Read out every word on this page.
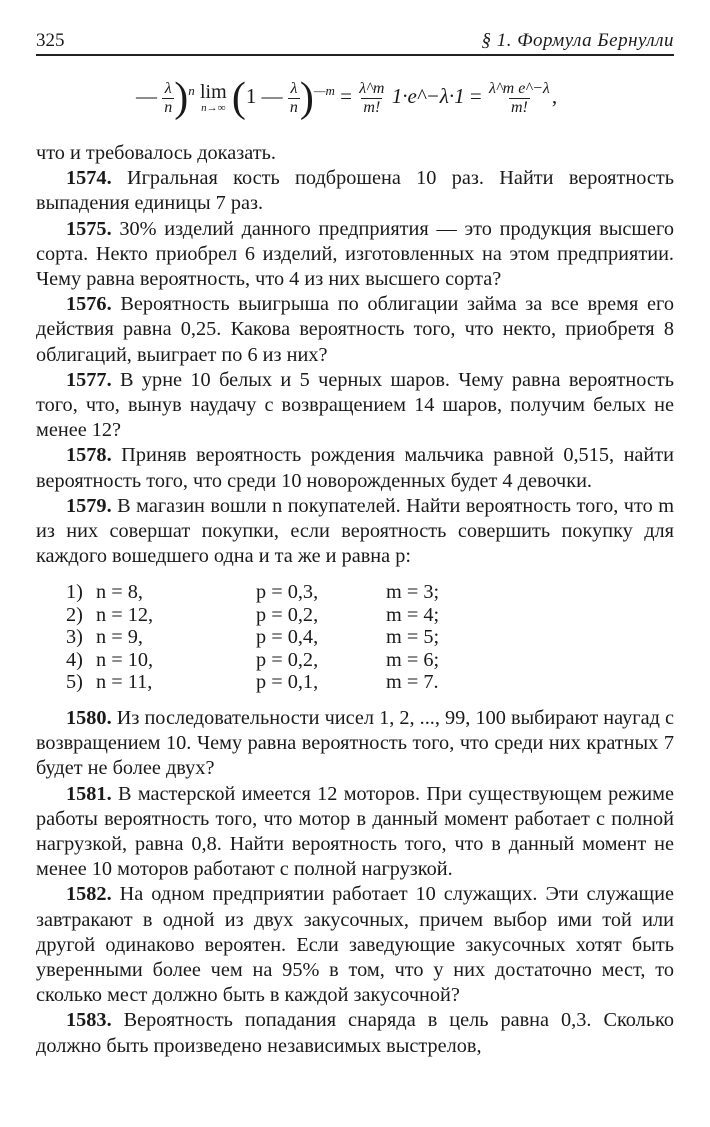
325	§ 1. Формула Бернулли
— $\frac{\lambda}{n} )^n$ lim
n→∞ (1 — $\frac{\lambda}{n} )^{—m} = \frac{\lambda\^{}m}{m!}$ 1·e^−λ·1 = $\frac{\text{λ\textasciicircum{}m e\textasciicircum{}−λ}}{m!}$ ,

что и требовалось доказать.

1574. Игральная кость подброшена 10 раз. Найти вероятность выпадения единицы 7 раз.

1575. 30% изделий данного предприятия — это продукция высшего сорта. Некто приобрел 6 изделий, изготовленных на этом предприятии. Чему равна вероятность, что 4 из них высшего сорта?

1576. Вероятность выигрыша по облигации займа за все время его действия равна 0,25. Какова вероятность того, что некто, приобретя 8 облигаций, выиграет по 6 из них?

1577. В урне 10 белых и 5 черных шаров. Чему равна вероятность того, что, вынув наудачу с возвращением 14 шаров, получим белых не менее 12?

1578. Приняв вероятность рождения мальчика равной 0,515, найти вероятность того, что среди 10 новорожденных будет 4 девочки.

1579. В магазин вошли n покупателей. Найти вероятность того, что m из них совершат покупки, если вероятность совершить покупку для каждого вошедшего одна и та же и равна p:

1) n = 8,	p = 0,3,	m = 3;
2) n = 12,	p = 0,2,	m = 4;
3) n = 9,	p = 0,4,	m = 5;
4) n = 10,	p = 0,2,	m = 6;
5) n = 11,	p = 0,1,	m = 7.

1580. Из последовательности чисел 1, 2, ..., 99, 100 выбирают наугад с возвращением 10. Чему равна вероятность того, что среди них кратных 7 будет не более двух?

1581. В мастерской имеется 12 моторов. При существующем режиме работы вероятность того, что мотор в данный момент работает с полной нагрузкой, равна 0,8. Найти вероятность того, что в данный момент не менее 10 моторов работают с полной нагрузкой.

1582. На одном предприятии работает 10 служащих. Эти служащие завтракают в одной из двух закусочных, причем выбор ими той или другой одинаково вероятен. Если заведующие закусочных хотят быть уверенными более чем на 95% в том, что у них достаточно мест, то сколько мест должно быть в каждой закусочной?

1583. Вероятность попадания снаряда в цель равна 0,3. Сколько должно быть произведено независимых выстрелов,
